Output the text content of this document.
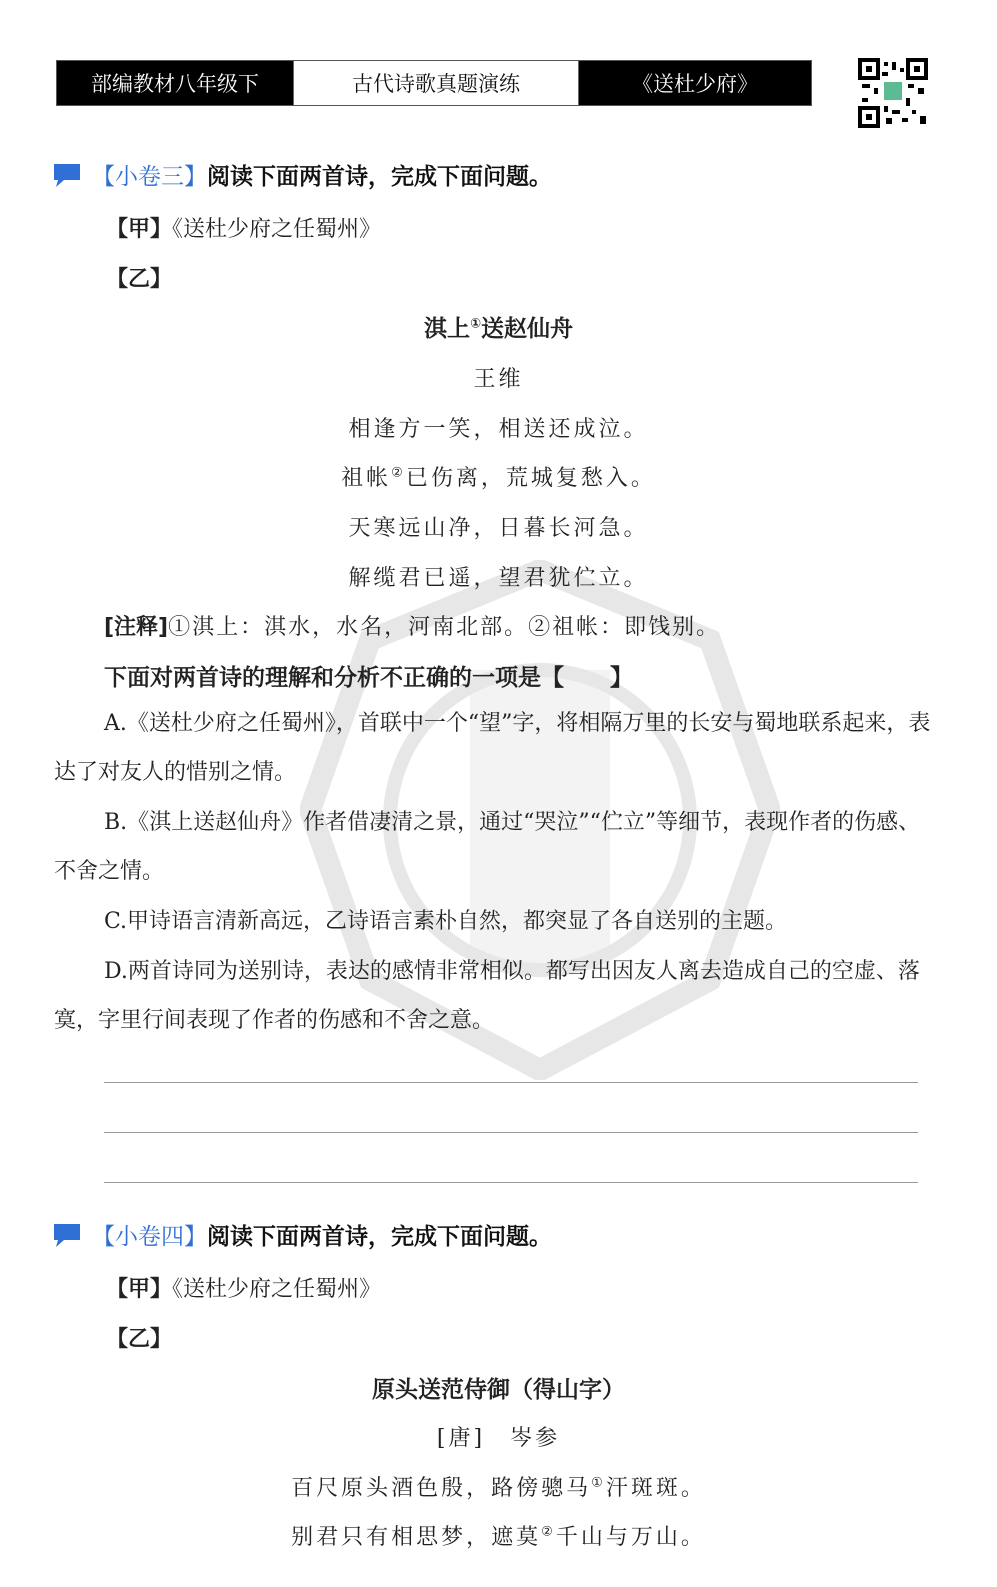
部编教材八年级下	古代诗歌真题演练	《送杜少府》
【小卷三】 阅读下面两首诗，完成下面问题。
【甲】《送杜少府之任蜀州》
【乙】
淇上①送赵仙舟
王维
相逢方一笑，相送还成泣。
祖帐②已伤离，荒城复愁入。
天寒远山净，日暮长河急。
解缆君已遥，望君犹伫立。
[注释]①淇上：淇水，水名，河南北部。②祖帐：即饯别。
下面对两首诗的理解和分析不正确的一项是【　　】
A.《送杜少府之任蜀州》，首联中一个“望”字，将相隔万里的长安与蜀地联系起来，表达了对友人的惜别之情。
B.《淇上送赵仙舟》作者借凄清之景，通过“哭泣”“伫立”等细节，表现作者的伤感、不舍之情。
C.甲诗语言清新高远，乙诗语言素朴自然，都突显了各自送别的主题。
D.两首诗同为送别诗，表达的感情非常相似。都写出因友人离去造成自己的空虚、落寞，字里行间表现了作者的伤感和不舍之意。
【小卷四】 阅读下面两首诗，完成下面问题。
【甲】《送杜少府之任蜀州》
【乙】
原头送范侍御（得山字）
[唐]　岑参
百尺原头酒色殷，路傍骢马①汗斑斑。
别君只有相思梦，遮莫②千山与万山。
